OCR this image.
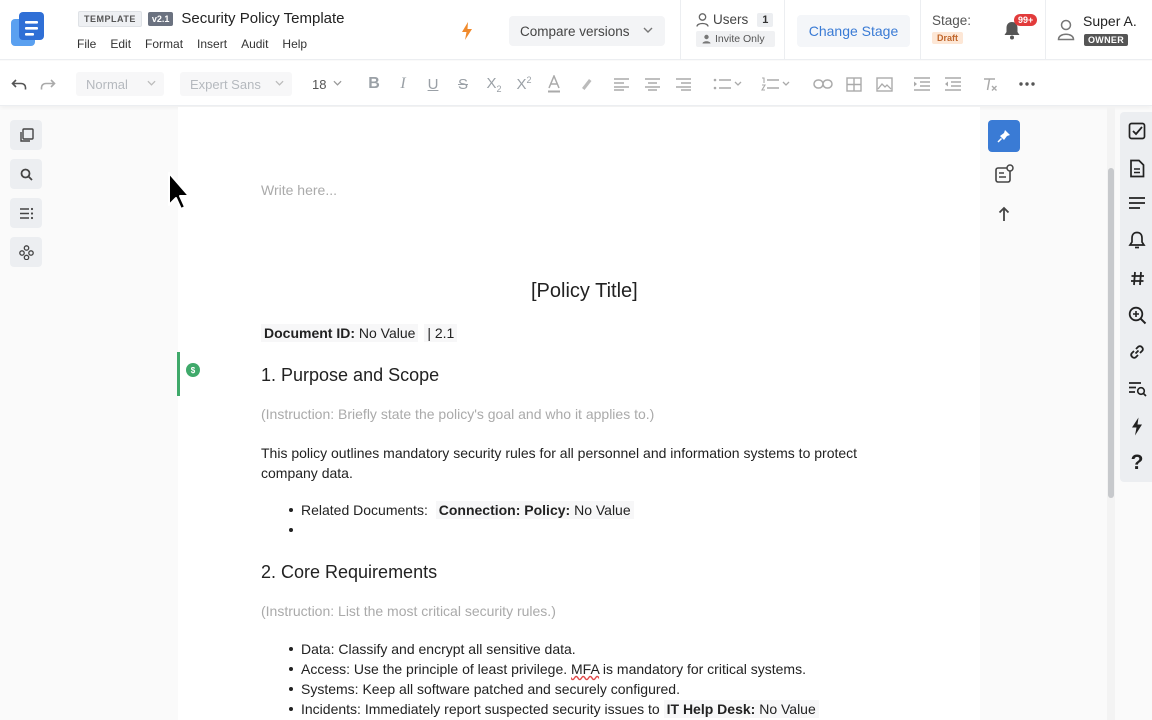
TEMPLATE	v2.1 Security Policy Template
File Edit Format Insert Audit Help
Compare versions
Users	1
Invite Only	Change Stage
Stage:
Draft
99+	Super A.
OWNER
Normal	Expert Sans	18	B I U S $X_2$ $X^2$
Write here...
[Policy Title]
Document ID: No Value | 2.1
$	1. Purpose and Scope
(Instruction: Briefly state the policy's goal and who it applies to.)
This policy outlines mandatory security rules for all personnel and information systems to protect
company data.
Related Documents: Connection: Policy: No Value
2. Core Requirements
(Instruction: List the most critical security rules.)
Data: Classify and encrypt all sensitive data.
Access: Use the principle of least privilege. MFA is mandatory for critical systems.
Systems: Keep all software patched and securely configured.
Incidents: Immediately report suspected security issues to IT Help Desk: No Value
?
